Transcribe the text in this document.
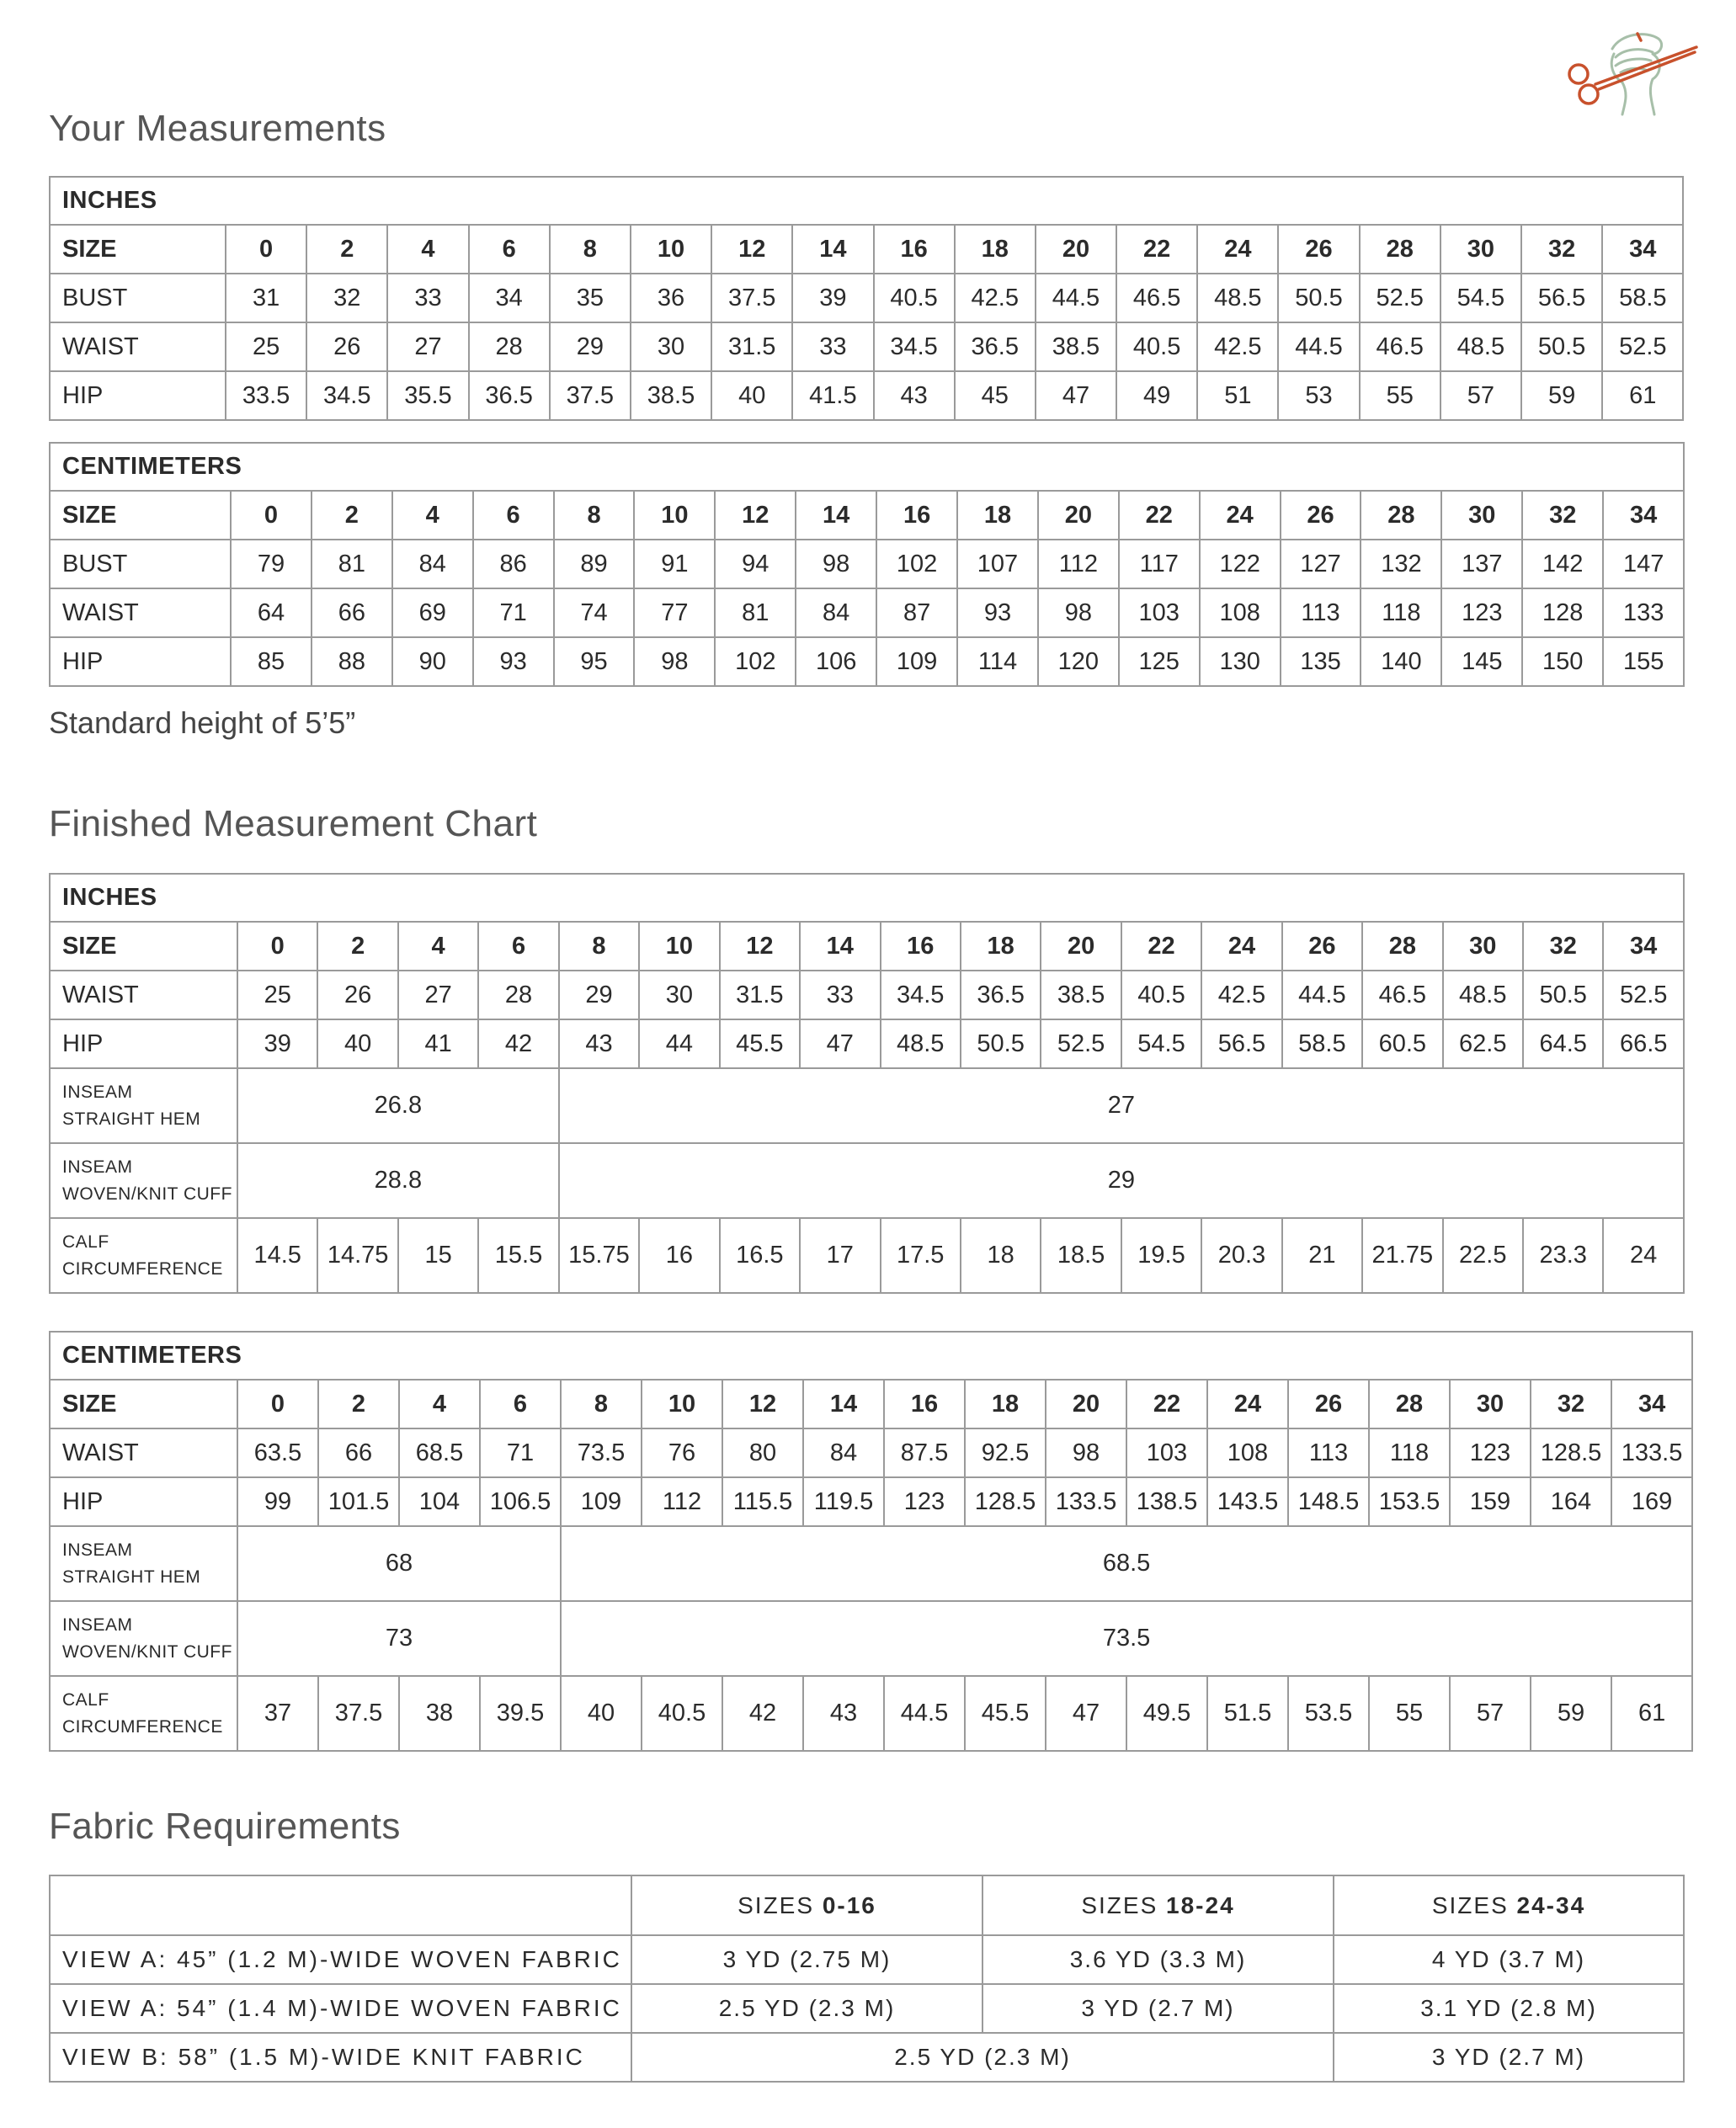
Your Measurements
INCHES																		
SIZE	0	2	4	6	8	10	12	14	16	18	20	22	24	26	28	30	32	34
BUST	31	32	33	34	35	36	37.5	39	40.5	42.5	44.5	46.5	48.5	50.5	52.5	54.5	56.5	58.5
WAIST	25	26	27	28	29	30	31.5	33	34.5	36.5	38.5	40.5	42.5	44.5	46.5	48.5	50.5	52.5
HIP	33.5	34.5	35.5	36.5	37.5	38.5	40	41.5	43	45	47	49	51	53	55	57	59	61
CENTIMETERS																		
SIZE	0	2	4	6	8	10	12	14	16	18	20	22	24	26	28	30	32	34
BUST	79	81	84	86	89	91	94	98	102	107	112	117	122	127	132	137	142	147
WAIST	64	66	69	71	74	77	81	84	87	93	98	103	108	113	118	123	128	133
HIP	85	88	90	93	95	98	102	106	109	114	120	125	130	135	140	145	150	155

Standard height of 5’5”

Finished Measurement Chart
INCHES																		
SIZE	0	2	4	6	8	10	12	14	16	18	20	22	24	26	28	30	32	34
WAIST	25	26	27	28	29	30	31.5	33	34.5	36.5	38.5	40.5	42.5	44.5	46.5	48.5	50.5	52.5
HIP	39	40	41	42	43	44	45.5	47	48.5	50.5	52.5	54.5	56.5	58.5	60.5	62.5	64.5	66.5
INSEAM
STRAIGHT HEM	26.8				27													
INSEAM
WOVEN/KNIT CUFF	28.8				29													
CALF
CIRCUMFERENCE	14.5	14.75	15	15.5	15.75	16	16.5	17	17.5	18	18.5	19.5	20.3	21	21.75	22.5	23.3	24
CENTIMETERS																		
SIZE	0	2	4	6	8	10	12	14	16	18	20	22	24	26	28	30	32	34
WAIST	63.5	66	68.5	71	73.5	76	80	84	87.5	92.5	98	103	108	113	118	123	128.5	133.5
HIP	99	101.5	104	106.5	109	112	115.5	119.5	123	128.5	133.5	138.5	143.5	148.5	153.5	159	164	169
INSEAM
STRAIGHT HEM	68				68.5													
INSEAM
WOVEN/KNIT CUFF	73				73.5													
CALF
CIRCUMFERENCE	37	37.5	38	39.5	40	40.5	42	43	44.5	45.5	47	49.5	51.5	53.5	55	57	59	61
Fabric Requirements
	SIZES 0-16	SIZES 18-24	SIZES 24-34
VIEW A: 45” (1.2 M)-WIDE WOVEN FABRIC	3 YD (2.75 M)	3.6 YD (3.3 M)	4 YD (3.7 M)
VIEW A: 54” (1.4 M)-WIDE WOVEN FABRIC	2.5 YD (2.3 M)	3 YD (2.7 M)	3.1 YD (2.8 M)
VIEW B: 58” (1.5 M)-WIDE KNIT FABRIC	2.5 YD (2.3 M)		3 YD (2.7 M)
